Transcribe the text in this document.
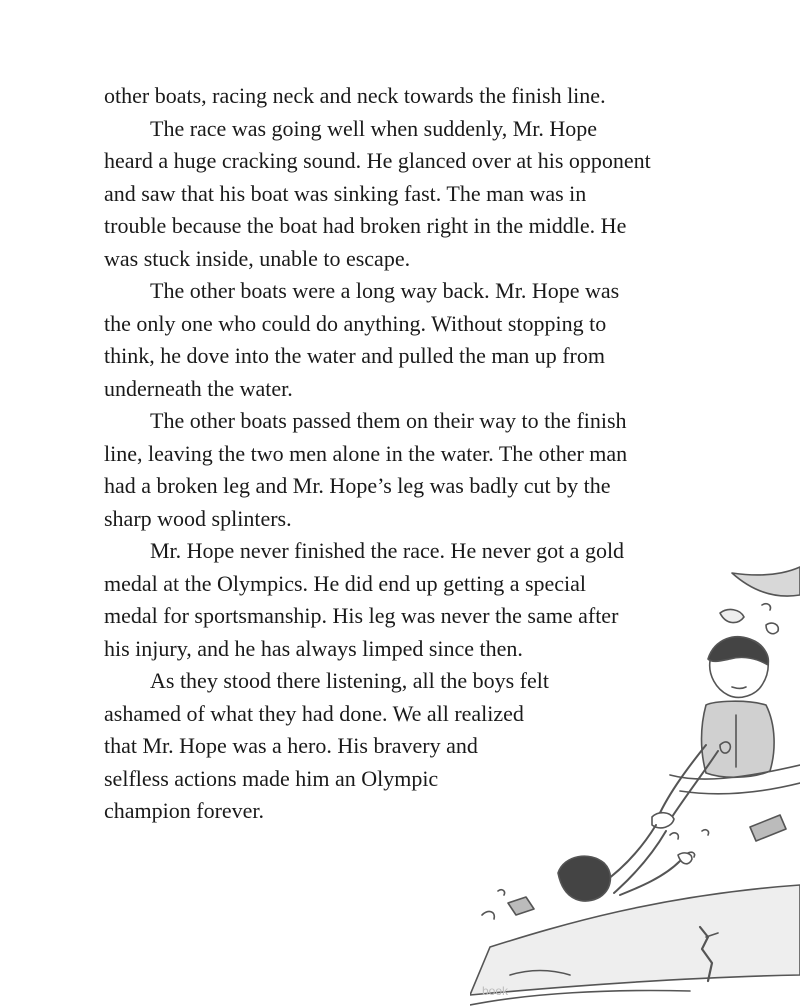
other boats, racing neck and neck towards the finish line.

The race was going well when suddenly, Mr. Hope
heard a huge cracking sound. He glanced over at his opponent
and saw that his boat was sinking fast. The man was in
trouble because the boat had broken right in the middle. He
was stuck inside, unable to escape.

The other boats were a long way back. Mr. Hope was
the only one who could do anything. Without stopping to
think, he dove into the water and pulled the man up from
underneath the water.

The other boats passed them on their way to the finish
line, leaving the two men alone in the water. The other man
had a broken leg and Mr. Hope’s leg was badly cut by the
sharp wood splinters.

Mr. Hope never finished the race. He never got a gold
medal at the Olympics. He did end up getting a special
medal for sportsmanship. His leg was never the same after
his injury, and he has always limped since then.

As they stood there listening, all the boys felt
ashamed of what they had done. We all realized
that Mr. Hope was a hero. His bravery and
selfless actions made him an Olympic
champion forever.

book
